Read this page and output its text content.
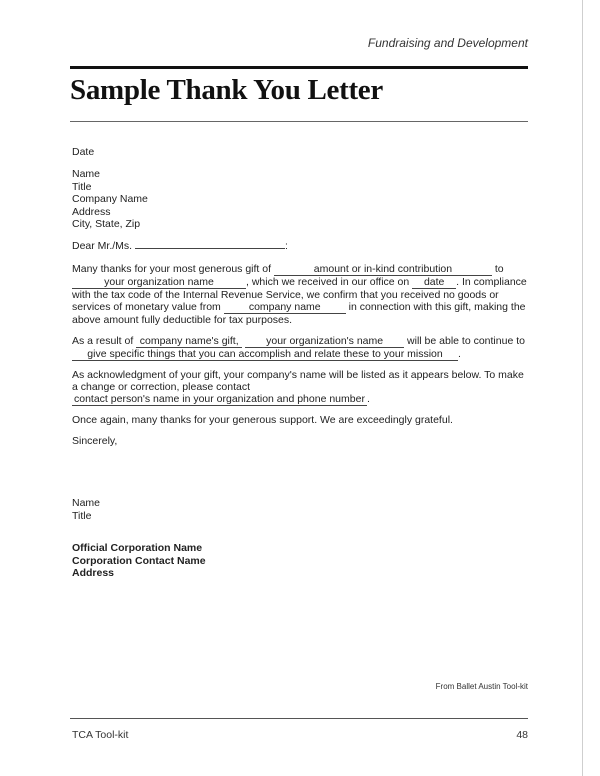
Fundraising and Development
Sample Thank You Letter

Date

Name

Title

Company Name

Address

City, State, Zip

Dear Mr./Ms.	:

Many thanks for your most generous gift of	amount or in-kind contribution	to your organization name	, which we received in our office on date . In compliance with the tax code of the Internal Revenue Service, we confirm that you received no goods or services of monetary value from	company name	in connection with this gift, making the above amount fully deductible for tax purposes.

As a result of company name's gift,	your organization's name will be able to continue to give specific things that you can accomplish and relate these to your mission .

As acknowledgment of your gift, your company's name will be listed as it appears below. To make a change or correction, please contact contact person's name in your organization and phone number .

Once again, many thanks for your generous support. We are exceedingly grateful.

Sincerely,

Name

Title

Official Corporation Name

Corporation Contact Name

Address

From Ballet Austin Tool-kit
TCA Tool-kit	48
